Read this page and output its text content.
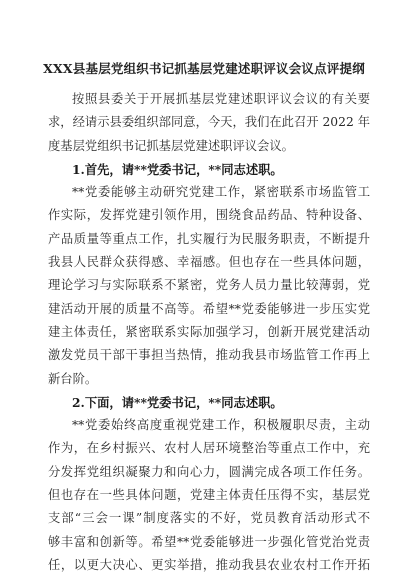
XXX县基层党组织书记抓基层党建述职评议会议点评提纲
按照县委关于开展抓基层党建述职评议会议的有关要
求，经请示县委组织部同意，今天，我们在此召开 2022 年
度基层党组织书记抓基层党建述职评议会议。
1.首先，请**党委书记，**同志述职。
**党委能够主动研究党建工作，紧密联系市场监管工
作实际，发挥党建引领作用，围绕食品药品、特种设备、
产品质量等重点工作，扎实履行为民服务职责，不断提升
我县人民群众获得感、幸福感。但也存在一些具体问题，
理论学习与实际联系不紧密，党务人员力量比较薄弱，党
建活动开展的质量不高等。希望**党委能够进一步压实党
建主体责任，紧密联系实际加强学习，创新开展党建活动
激发党员干部干事担当热情，推动我县市场监管工作再上
新台阶。
2.下面，请**党委书记，**同志述职。
**党委始终高度重视党建工作，积极履职尽责，主动
作为，在乡村振兴、农村人居环境整治等重点工作中，充
分发挥党组织凝聚力和向心力，圆满完成各项工作任务。
但也存在一些具体问题，党建主体责任压得不实，基层党
支部“三会一课”制度落实的不好，党员教育活动形式不
够丰富和创新等。希望**党委能够进一步强化管党治党责
任，以更大决心、更实举措，推动我县农业农村工作开拓
